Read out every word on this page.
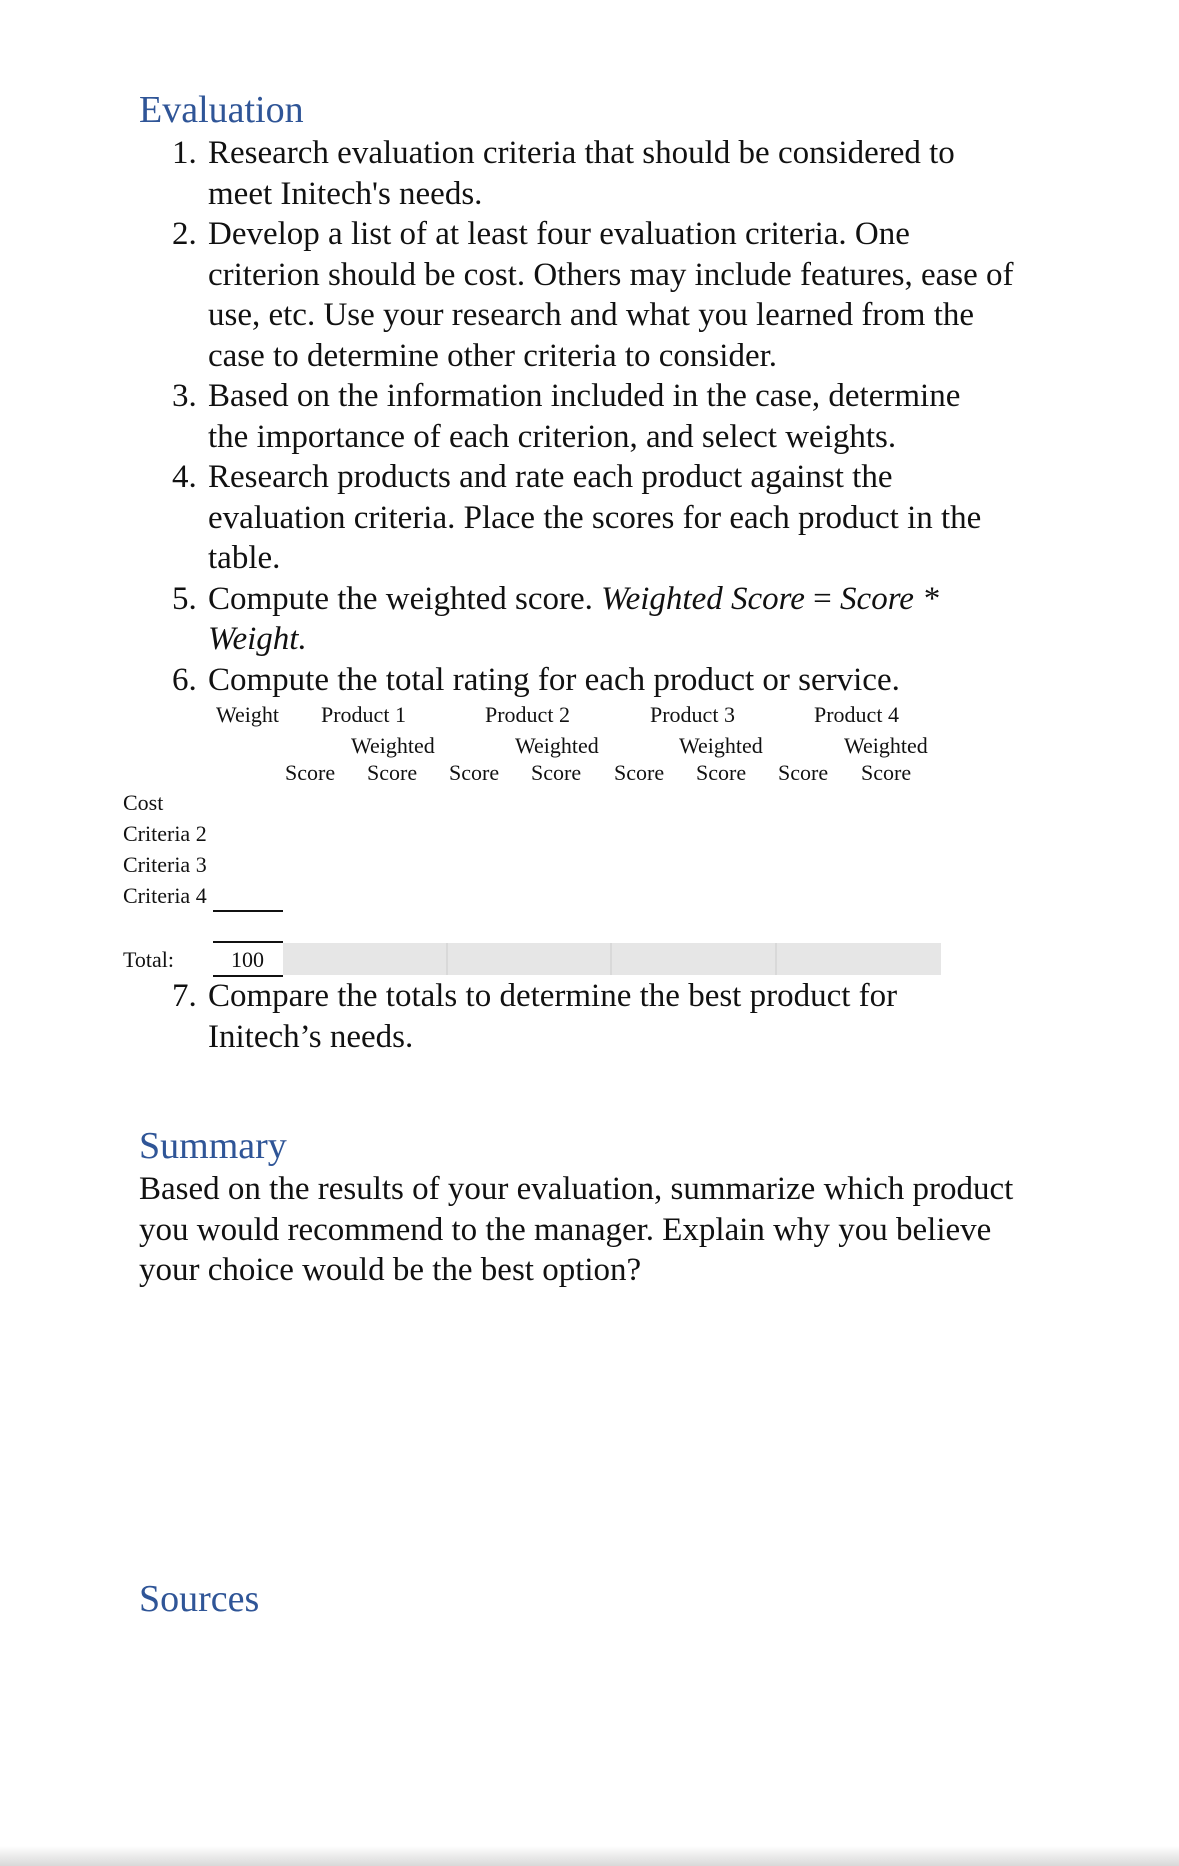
Evaluation
1. Research evaluation criteria that should be considered to meet Initech's needs.
2. Develop a list of at least four evaluation criteria. One criterion should be cost. Others may include features, ease of use, etc. Use your research and what you learned from the case to determine other criteria to consider.
3. Based on the information included in the case, determine the importance of each criterion, and select weights.
4. Research products and rate each product against the evaluation criteria. Place the scores for each product in the table.
5. Compute the weighted score. Weighted Score = Score * Weight.
6. Compute the total rating for each product or service.
Weight Product 1	Product 2	Product 3	Product 4
Weighted	Weighted	Weighted	Weighted
Score Score Score Score Score Score Score Score
Cost
Criteria 2
Criteria 3
Criteria 4
Total:	100
7. Compare the totals to determine the best product for Initech’s needs.
Summary
Based on the results of your evaluation, summarize which product you would recommend to the manager. Explain why you believe your choice would be the best option?
Sources
